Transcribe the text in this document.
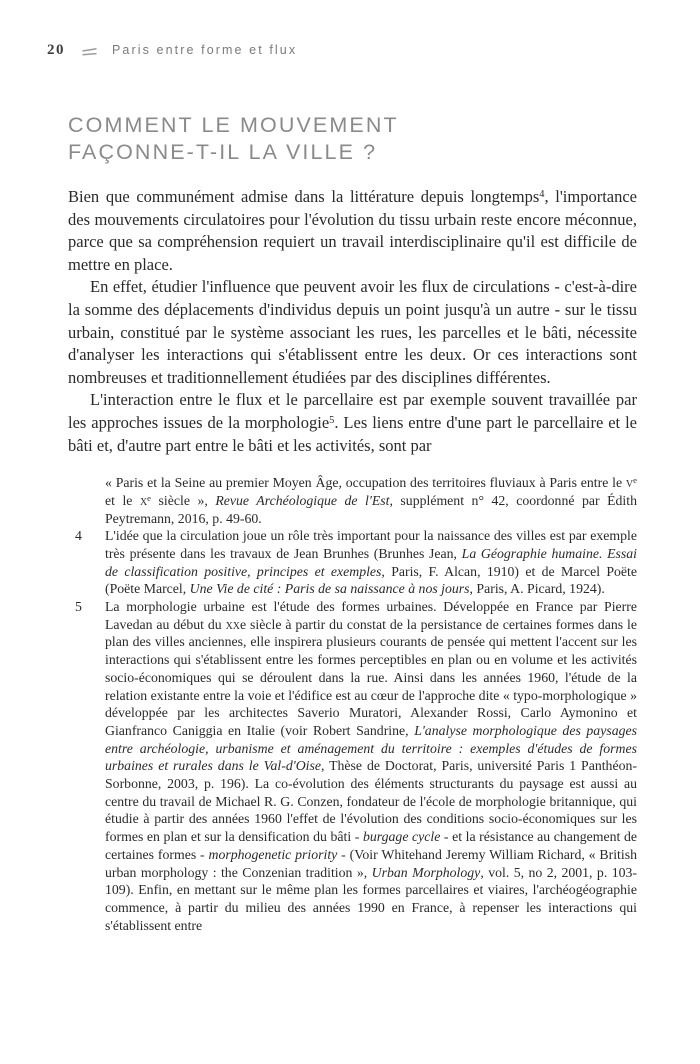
20	Paris entre forme et flux
COMMENT LE MOUVEMENT
FAÇONNE-T-IL LA VILLE ?

Bien que communément admise dans la littérature depuis longtemps$^4$, l'importance des mouvements circulatoires pour l'évolution du tissu urbain reste encore méconnue, parce que sa compréhension requiert un travail interdisciplinaire qu'il est difficile de mettre en place.

En effet, étudier l'influence que peuvent avoir les flux de circulations - c'est-à-dire la somme des déplacements d'individus depuis un point jusqu'à un autre - sur le tissu urbain, constitué par le système associant les rues, les parcelles et le bâti, nécessite d'analyser les interactions qui s'établissent entre les deux. Or ces interactions sont nombreuses et traditionnellement étudiées par des disciplines différentes.

L'interaction entre le flux et le parcellaire est par exemple souvent travaillée par les approches issues de la morphologie$^5$. Les liens entre d'une part le parcellaire et le bâti et, d'autre part entre le bâti et les activités, sont par

« Paris et la Seine au premier Moyen Âge, occupation des territoires fluviaux à Paris entre le $v^e$ et le $x^e$ siècle », Revue Archéologique de l'Est, supplément n° 42, coordonné par Édith Peytremann, 2016, p. 49-60.
4	L'idée que la circulation joue un rôle très important pour la naissance des villes est par exemple très présente dans les travaux de Jean Brunhes (Brunhes Jean, La Géographie humaine. Essai de classification positive, principes et exemples, Paris, F. Alcan, 1910) et de Marcel Poëte (Poëte Marcel, Une Vie de cité : Paris de sa naissance à nos jours, Paris, A. Picard, 1924).
5	La morphologie urbaine est l'étude des formes urbaines. Développée en France par Pierre Lavedan au début du xxe siècle à partir du constat de la persistance de certaines formes dans le plan des villes anciennes, elle inspirera plusieurs courants de pensée qui mettent l'accent sur les interactions qui s'établissent entre les formes perceptibles en plan ou en volume et les activités socio-économiques qui se déroulent dans la rue. Ainsi dans les années 1960, l'étude de la relation existante entre la voie et l'édifice est au cœur de l'approche dite « typo-morphologique » développée par les architectes Saverio Muratori, Alexander Rossi, Carlo Aymonino et Gianfranco Caniggia en Italie (voir Robert Sandrine, L'analyse morphologique des paysages entre archéologie, urbanisme et aménagement du territoire : exemples d'études de formes urbaines et rurales dans le Val-d'Oise, Thèse de Doctorat, Paris, université Paris 1 Panthéon-Sorbonne, 2003, p. 196). La co-évolution des éléments structurants du paysage est aussi au centre du travail de Michael R. G. Conzen, fondateur de l'école de morphologie britannique, qui étudie à partir des années 1960 l'effet de l'évolution des conditions socio-économiques sur les formes en plan et sur la densification du bâti - burgage cycle - et la résistance au changement de certaines formes - morphogenetic priority - (Voir Whitehand Jeremy William Richard, « British urban morphology : the Conzenian tradition », Urban Morphology, vol. 5, no 2, 2001, p. 103-109). Enfin, en mettant sur le même plan les formes parcellaires et viaires, l'archéogéographie commence, à partir du milieu des années 1990 en France, à repenser les interactions qui s'établissent entre
